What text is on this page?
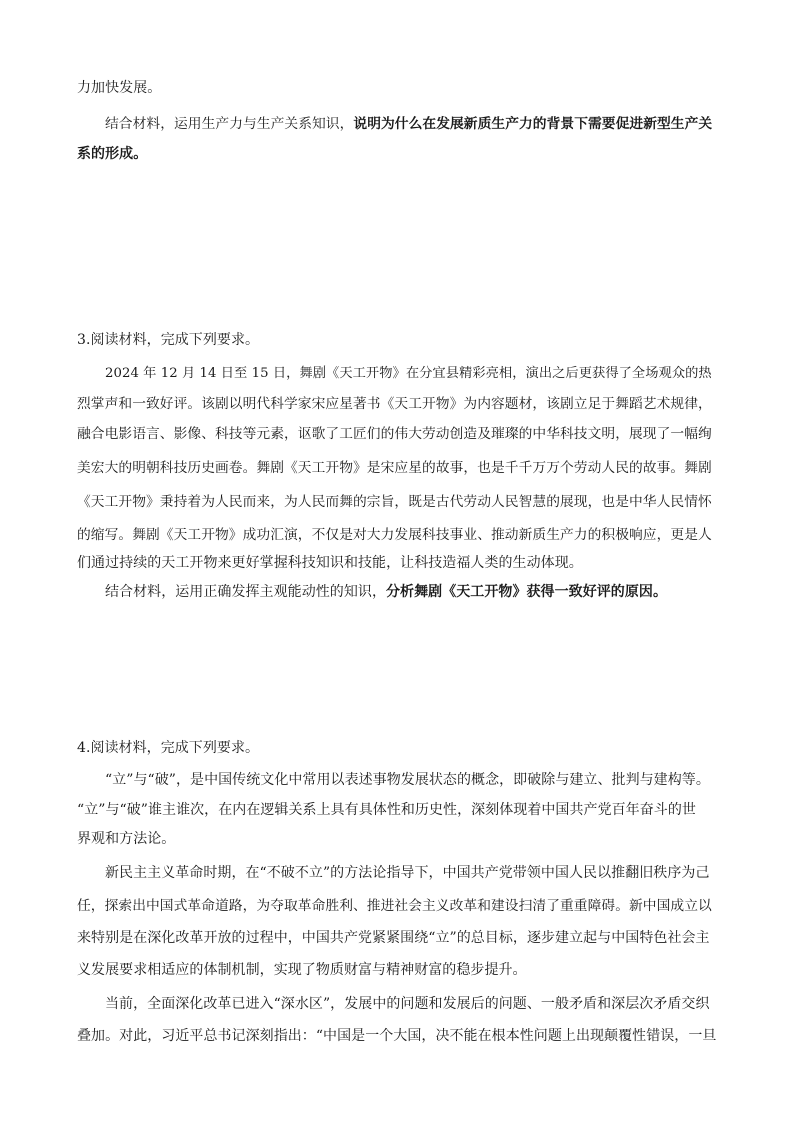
力加快发展。
结合材料，运用生产力与生产关系知识，说明为什么在发展新质生产力的背景下需要促进新型生产关
系的形成。
3.阅读材料，完成下列要求。
2024 年 12 月 14 日至 15 日，舞剧《天工开物》在分宜县精彩亮相，演出之后更获得了全场观众的热
烈掌声和一致好评。该剧以明代科学家宋应星著书《天工开物》为内容题材，该剧立足于舞蹈艺术规律，
融合电影语言、影像、科技等元素，讴歌了工匠们的伟大劳动创造及璀璨的中华科技文明，展现了一幅绚
美宏大的明朝科技历史画卷。舞剧《天工开物》是宋应星的故事，也是千千万万个劳动人民的故事。舞剧
《天工开物》秉持着为人民而来，为人民而舞的宗旨，既是古代劳动人民智慧的展现，也是中华人民情怀
的缩写。舞剧《天工开物》成功汇演，不仅是对大力发展科技事业、推动新质生产力的积极响应，更是人
们通过持续的天工开物来更好掌握科技知识和技能，让科技造福人类的生动体现。
结合材料，运用正确发挥主观能动性的知识，分析舞剧《天工开物》获得一致好评的原因。
4.阅读材料，完成下列要求。
“立”与“破”，是中国传统文化中常用以表述事物发展状态的概念，即破除与建立、批判与建构等。
“立”与“破”谁主谁次，在内在逻辑关系上具有具体性和历史性，深刻体现着中国共产党百年奋斗的世
界观和方法论。
新民主主义革命时期，在“不破不立”的方法论指导下，中国共产党带领中国人民以推翻旧秩序为己
任，探索出中国式革命道路，为夺取革命胜利、推进社会主义改革和建设扫清了重重障碍。新中国成立以
来特别是在深化改革开放的过程中，中国共产党紧紧围绕“立”的总目标，逐步建立起与中国特色社会主
义发展要求相适应的体制机制，实现了物质财富与精神财富的稳步提升。
当前，全面深化改革已进入“深水区”，发展中的问题和发展后的问题、一般矛盾和深层次矛盾交织
叠加。对此，习近平总书记深刻指出：“中国是一个大国，决不能在根本性问题上出现颠覆性错误，一旦
